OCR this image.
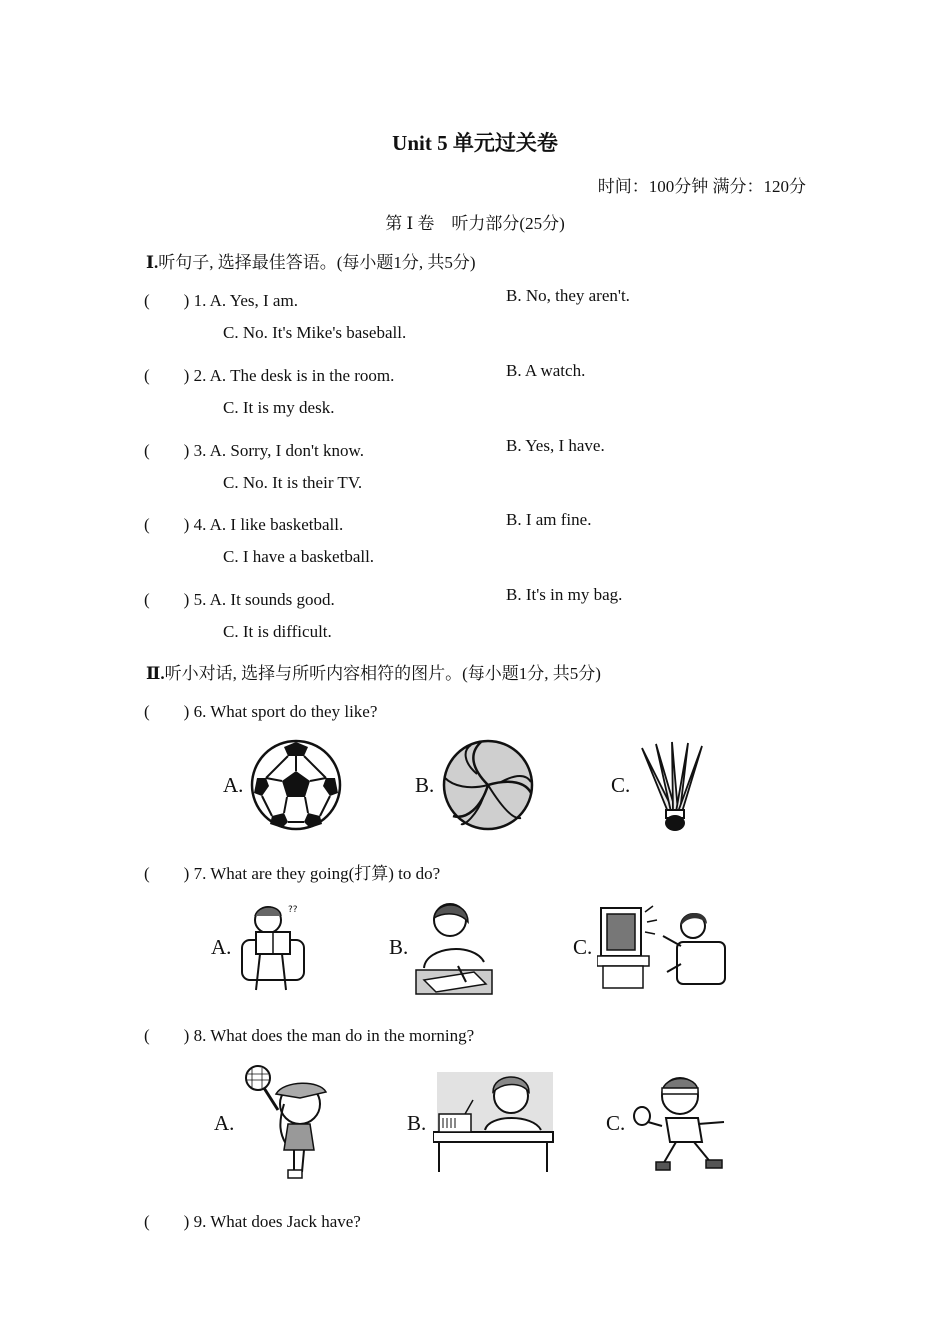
Unit 5 单元过关卷
时间：100分钟 满分：120分
第 Ⅰ 卷　听力部分(25分)
Ⅰ.听句子, 选择最佳答语。(每小题1分, 共5分)
(　　) 1. A. Yes, I am.	B. No, they aren't.
C. No. It's Mike's baseball.
(　　) 2. A. The desk is in the room.	B. A watch.
C. It is my desk.
(　　) 3. A. Sorry, I don't know.	B. Yes, I have.
C. No. It is their TV.
(　　) 4. A. I like basketball.	B. I am fine.
C. I have a basketball.
(　　) 5. A. It sounds good.	B. It's in my bag.
C. It is difficult.
Ⅱ.听小对话, 选择与所听内容相符的图片。(每小题1分, 共5分)
(　　) 6. What sport do they like?
A.	B.	C.
(　　) 7. What are they going(打算) to do?
A.
??
B.	C.
(　　) 8. What does the man do in the morning?
A.	B.	C.
(　　) 9. What does Jack have?
